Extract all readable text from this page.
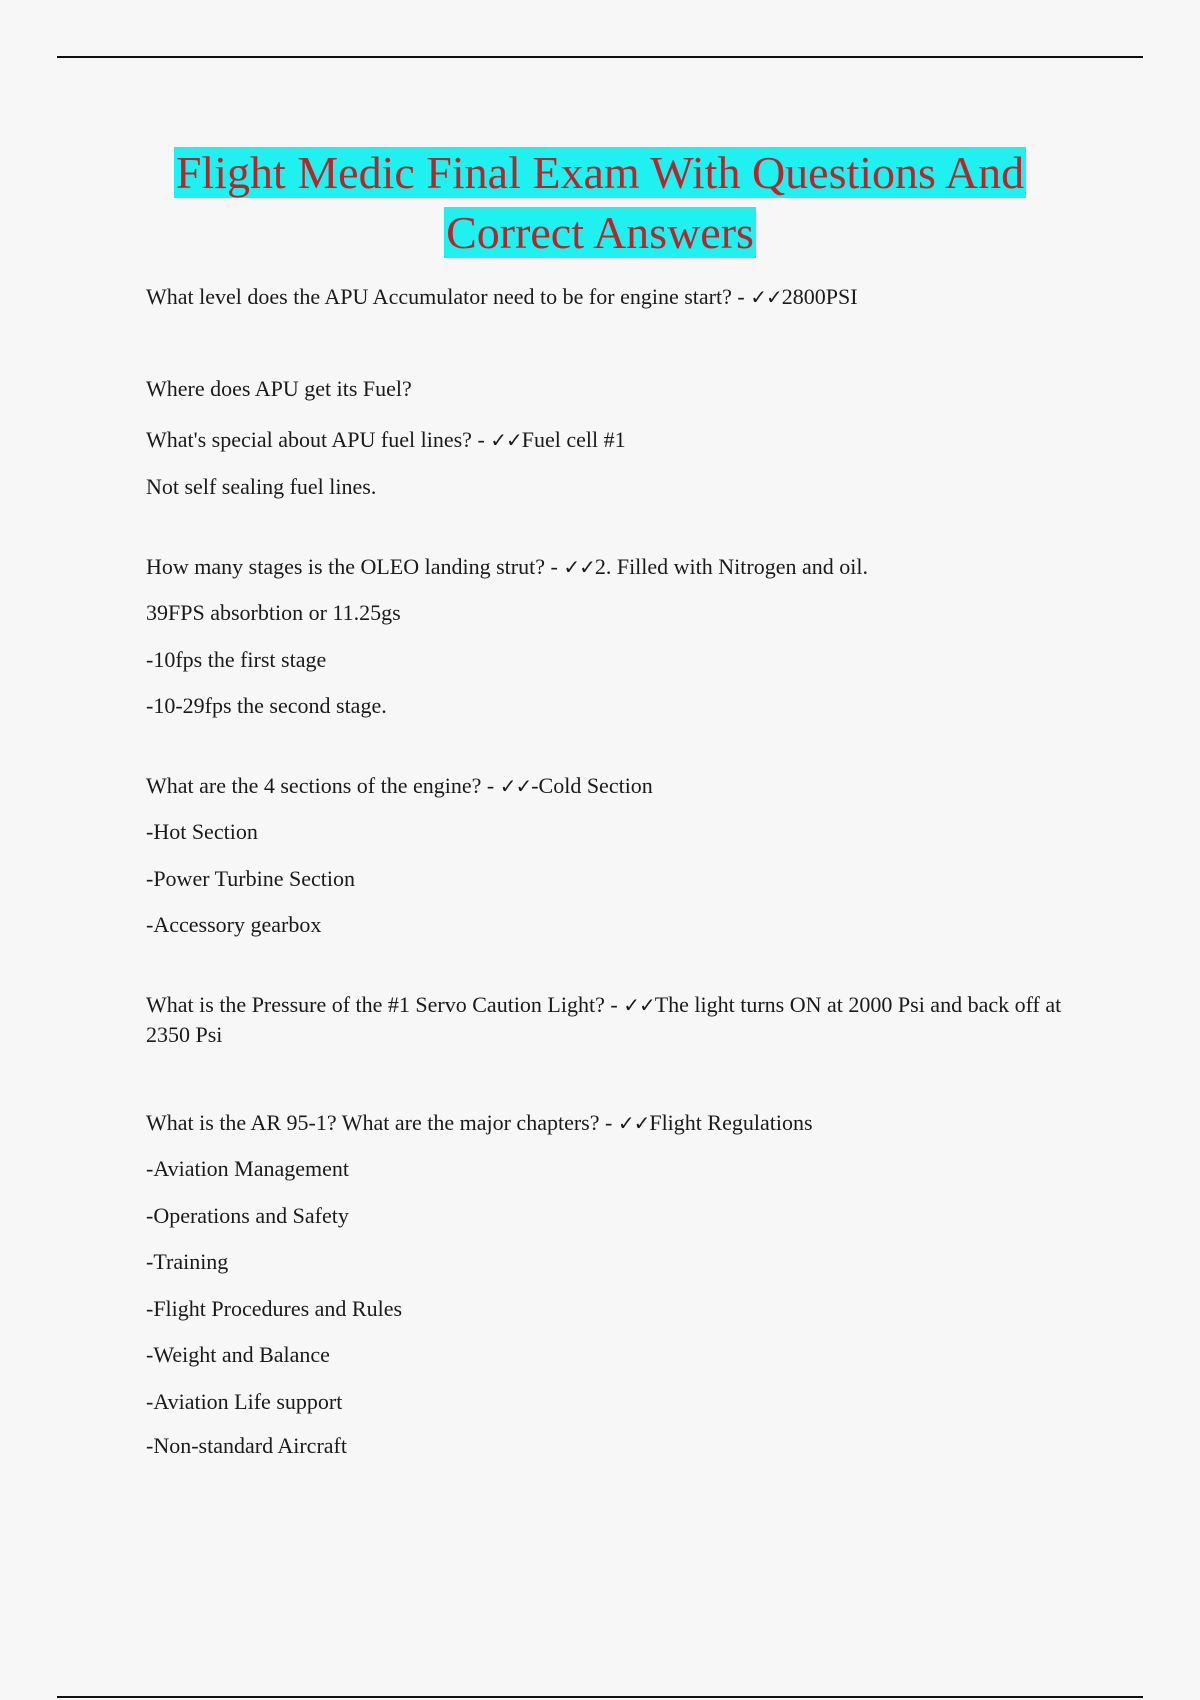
Flight Medic Final Exam With Questions And
Correct Answers

What level does the APU Accumulator need to be for engine start? - ✓✓2800PSI

Where does APU get its Fuel?

What's special about APU fuel lines? - ✓✓Fuel cell #1

Not self sealing fuel lines.

How many stages is the OLEO landing strut? - ✓✓2. Filled with Nitrogen and oil.

39FPS absorbtion or 11.25gs

-10fps the first stage

-10-29fps the second stage.

What are the 4 sections of the engine? - ✓✓-Cold Section

-Hot Section

-Power Turbine Section

-Accessory gearbox

What is the Pressure of the #1 Servo Caution Light? - ✓✓The light turns ON at 2000 Psi and back off at 2350 Psi

What is the AR 95-1? What are the major chapters? - ✓✓Flight Regulations

-Aviation Management

-Operations and Safety

-Training

-Flight Procedures and Rules

-Weight and Balance

-Aviation Life support

-Non-standard Aircraft
